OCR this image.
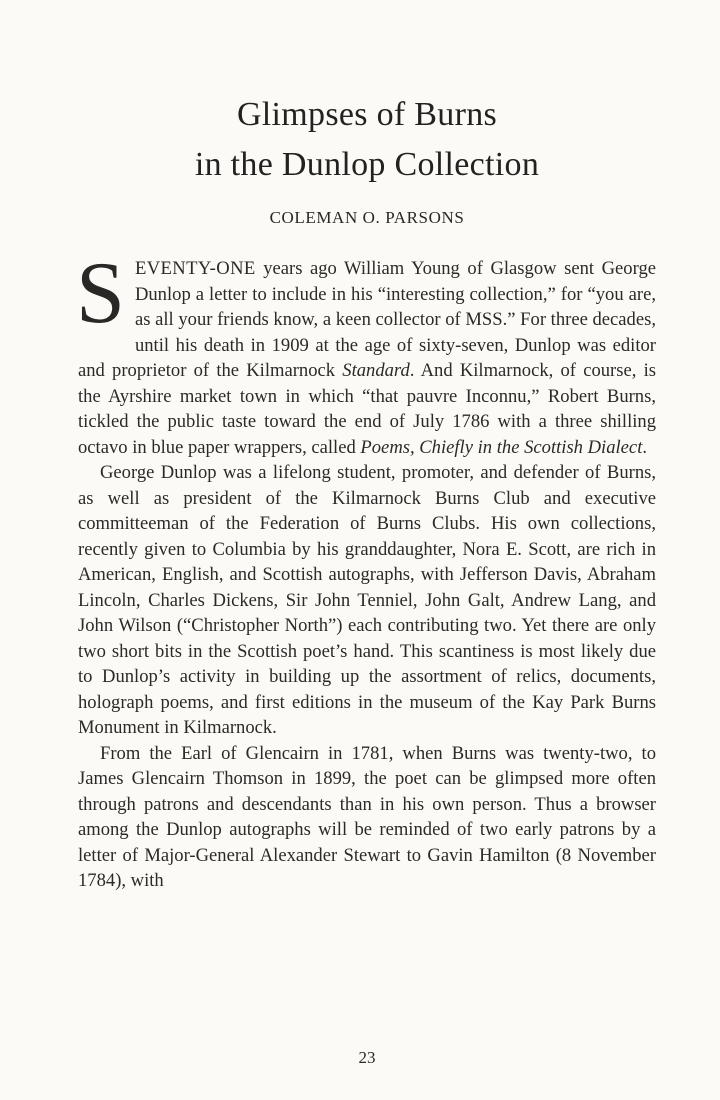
Glimpses of Burns
in the Dunlop Collection
COLEMAN O. PARSONS

SEVENTY-ONE years ago William Young of Glasgow sent George Dunlop a letter to include in his “interesting collection,” for “you are, as all your friends know, a keen collector of MSS.” For three decades, until his death in 1909 at the age of sixty-seven, Dunlop was editor and proprietor of the Kilmarnock Standard. And Kilmarnock, of course, is the Ayrshire market town in which “that pauvre Inconnu,” Robert Burns, tickled the public taste toward the end of July 1786 with a three shilling octavo in blue paper wrappers, called Poems, Chiefly in the Scottish Dialect.

George Dunlop was a lifelong student, promoter, and defender of Burns, as well as president of the Kilmarnock Burns Club and executive committeeman of the Federation of Burns Clubs. His own collections, recently given to Columbia by his granddaughter, Nora E. Scott, are rich in American, English, and Scottish autographs, with Jefferson Davis, Abraham Lincoln, Charles Dickens, Sir John Tenniel, John Galt, Andrew Lang, and John Wilson (“Christopher North”) each contributing two. Yet there are only two short bits in the Scottish poet’s hand. This scantiness is most likely due to Dunlop’s activity in building up the assortment of relics, documents, holograph poems, and first editions in the museum of the Kay Park Burns Monument in Kilmarnock.

From the Earl of Glencairn in 1781, when Burns was twenty-two, to James Glencairn Thomson in 1899, the poet can be glimpsed more often through patrons and descendants than in his own person. Thus a browser among the Dunlop autographs will be reminded of two early patrons by a letter of Major-General Alexander Stewart to Gavin Hamilton (8 November 1784), with

23
